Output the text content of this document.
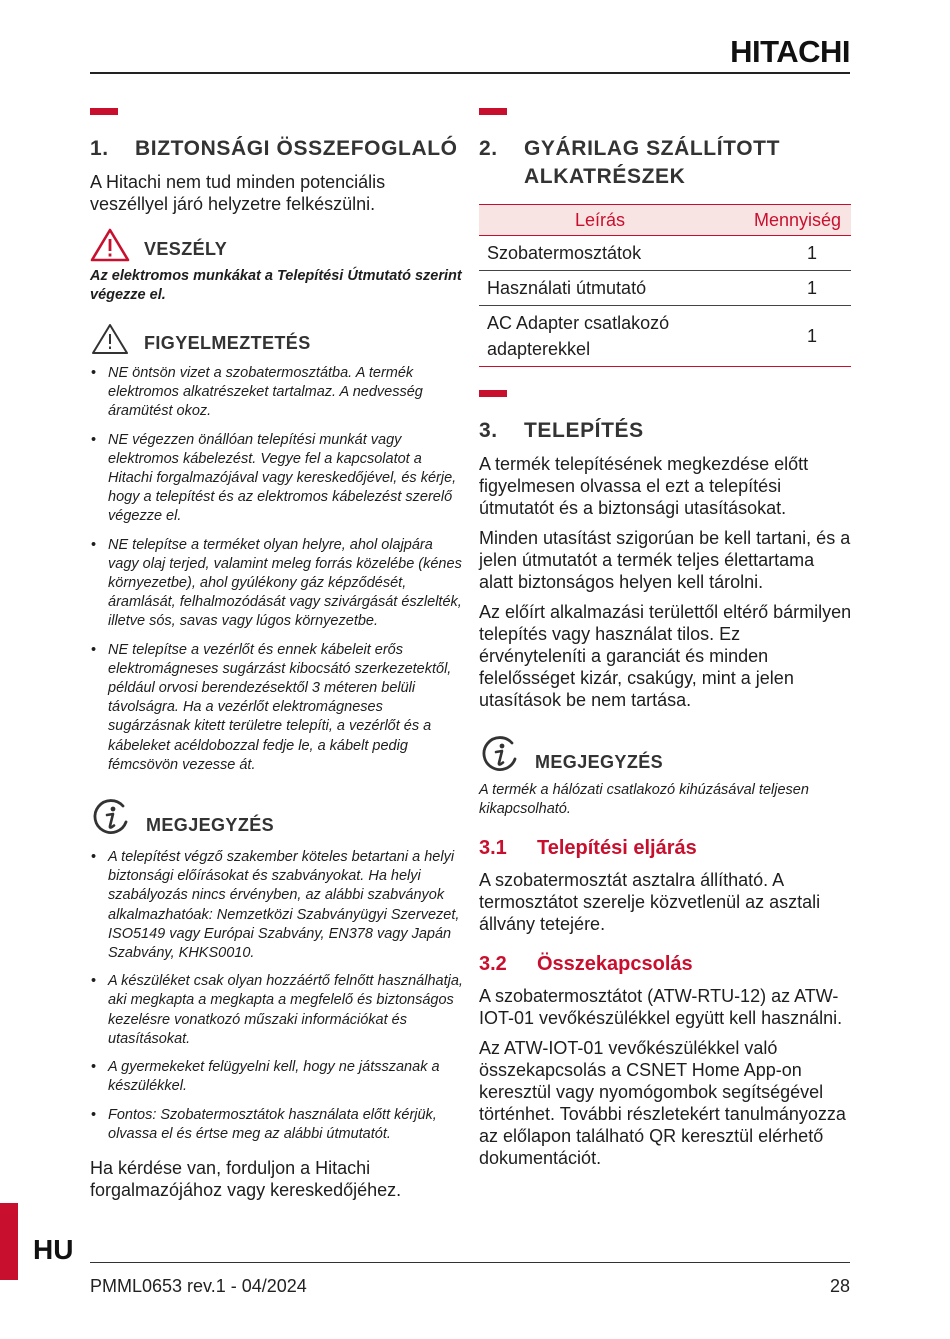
HITACHI
1.	BIZTONSÁGI ÖSSZEFOGLALÓ
A Hitachi nem tud minden potenciális veszéllyel járó helyzetre felkészülni.
VESZÉLY
Az elektromos munkákat a Telepítési Útmutató szerint végezze el.
FIGYELMEZTETÉS
• NE öntsön vizet a szobatermosztátba. A termék elektromos alkatrészeket tartalmaz. A nedvesség áramütést okoz.
• NE végezzen önállóan telepítési munkát vagy elektromos kábelezést. Vegye fel a kapcsolatot a Hitachi forgalmazójával vagy kereskedőjével, és kérje, hogy a telepítést és az elektromos kábelezést szerelő végezze el.
• NE telepítse a terméket olyan helyre, ahol olajpára vagy olaj terjed, valamint meleg forrás közelébe (kénes környezetbe), ahol gyúlékony gáz képződését, áramlását, felhalmozódását vagy szivárgását észlelték, illetve sós, savas vagy lúgos környezetbe.
• NE telepítse a vezérlőt és ennek kábeleit erős elektromágneses sugárzást kibocsátó szerkezetektől, például orvosi berendezésektől 3 méteren belüli távolságra. Ha a vezérlőt elektromágneses sugárzásnak kitett területre telepíti, a vezérlőt és a kábeleket acéldobozzal fedje le, a kábelt pedig fémcsövön vezesse át.
MEGJEGYZÉS
• A telepítést végző szakember köteles betartani a helyi biztonsági előírásokat és szabványokat. Ha helyi szabályozás nincs érvényben, az alábbi szabványok alkalmazhatóak: Nemzetközi Szabványügyi Szervezet, ISO5149 vagy Európai Szabvány, EN378 vagy Japán Szabvány, KHKS0010.
• A készüléket csak olyan hozzáértő felnőtt használhatja, aki megkapta a megkapta a megfelelő és biztonságos kezelésre vonatkozó műszaki információkat és utasításokat.
• A gyermekeket felügyelni kell, hogy ne játsszanak a készülékkel.
• Fontos: Szobatermosztátok használata előtt kérjük, olvassa el és értse meg az alábbi útmutatót.
Ha kérdése van, forduljon a Hitachi forgalmazójához vagy kereskedőjéhez.
2.	GYÁRILAG SZÁLLÍTOTT ALKATRÉSZEK
Leírás	Mennyiség
Szobatermosztátok	1
Használati útmutató	1
AC Adapter csatlakozó adapterekkel	1
3.	TELEPÍTÉS
A termék telepítésének megkezdése előtt figyelmesen olvassa el ezt a telepítési útmutatót és a biztonsági utasításokat.
Minden utasítást szigorúan be kell tartani, és a jelen útmutatót a termék teljes élettartama alatt biztonságos helyen kell tárolni.
Az előírt alkalmazási területtől eltérő bármilyen telepítés vagy használat tilos. Ez érvényteleníti a garanciát és minden felelősséget kizár, csakúgy, mint a jelen utasítások be nem tartása.
MEGJEGYZÉS
A termék a hálózati csatlakozó kihúzásával teljesen kikapcsolható.
3.1	Telepítési eljárás
A szobatermosztát asztalra állítható. A termosztátot szerelje közvetlenül az asztali állvány tetejére.
3.2	Összekapcsolás
A szobatermosztátot (ATW-RTU-12) az ATW-IOT-01 vevőkészülékkel együtt kell használni.
Az ATW-IOT-01 vevőkészülékkel való összekapcsolás a CSNET Home App-on keresztül vagy nyomógombok segítségével történhet. További részletekért tanulmányozza az előlapon található QR keresztül elérhető dokumentációt.
HU
PMML0653 rev.1 - 04/2024	28
